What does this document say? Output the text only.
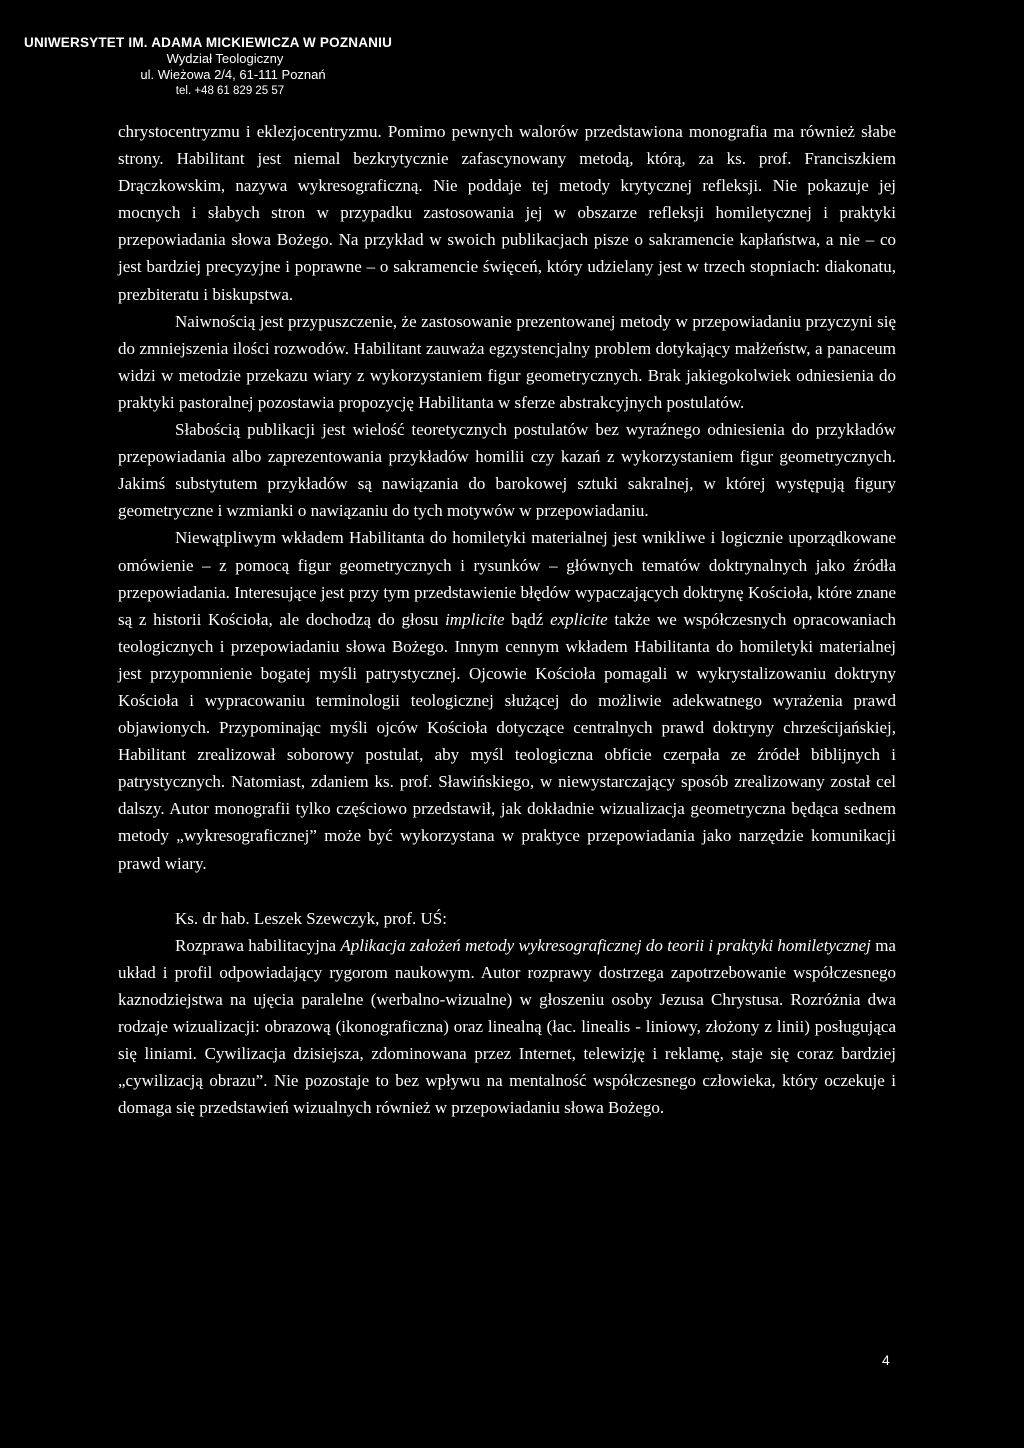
UNIWERSYTET IM. ADAMA MICKIEWICZA W POZNANIU
Wydział Teologiczny
ul. Wieżowa 2/4, 61-111 Poznań
tel. +48 61 829 25 57

chrystocentryzmu i eklezjocentryzmu. Pomimo pewnych walorów przedstawiona monografia ma również słabe strony. Habilitant jest niemal bezkrytycznie zafascynowany metodą, którą, za ks. prof. Franciszkiem Drączkowskim, nazywa wykresograficzną. Nie poddaje tej metody krytycznej refleksji. Nie pokazuje jej mocnych i słabych stron w przypadku zastosowania jej w obszarze refleksji homiletycznej i praktyki przepowiadania słowa Bożego. Na przykład w swoich publikacjach pisze o sakramencie kapłaństwa, a nie – co jest bardziej precyzyjne i poprawne – o sakramencie święceń, który udzielany jest w trzech stopniach: diakonatu, prezbiteratu i biskupstwa.

Naiwnością jest przypuszczenie, że zastosowanie prezentowanej metody w przepowiadaniu przyczyni się do zmniejszenia ilości rozwodów. Habilitant zauważa egzystencjalny problem dotykający małżeństw, a panaceum widzi w metodzie przekazu wiary z wykorzystaniem figur geometrycznych. Brak jakiegokolwiek odniesienia do praktyki pastoralnej pozostawia propozycję Habilitanta w sferze abstrakcyjnych postulatów.

Słabością publikacji jest wielość teoretycznych postulatów bez wyraźnego odniesienia do przykładów przepowiadania albo zaprezentowania przykładów homilii czy kazań z wykorzystaniem figur geometrycznych. Jakimś substytutem przykładów są nawiązania do barokowej sztuki sakralnej, w której występują figury geometryczne i wzmianki o nawiązaniu do tych motywów w przepowiadaniu.

Niewątpliwym wkładem Habilitanta do homiletyki materialnej jest wnikliwe i logicznie uporządkowane omówienie – z pomocą figur geometrycznych i rysunków – głównych tematów doktrynalnych jako źródła przepowiadania. Interesujące jest przy tym przedstawienie błędów wypaczających doktrynę Kościoła, które znane są z historii Kościoła, ale dochodzą do głosu implicite bądź explicite także we współczesnych opracowaniach teologicznych i przepowiadaniu słowa Bożego. Innym cennym wkładem Habilitanta do homiletyki materialnej jest przypomnienie bogatej myśli patrystycznej. Ojcowie Kościoła pomagali w wykrystalizowaniu doktryny Kościoła i wypracowaniu terminologii teologicznej służącej do możliwie adekwatnego wyrażenia prawd objawionych. Przypominając myśli ojców Kościoła dotyczące centralnych prawd doktryny chrześcijańskiej, Habilitant zrealizował soborowy postulat, aby myśl teologiczna obficie czerpała ze źródeł biblijnych i patrystycznych. Natomiast, zdaniem ks. prof. Sławińskiego, w niewystarczający sposób zrealizowany został cel dalszy. Autor monografii tylko częściowo przedstawił, jak dokładnie wizualizacja geometryczna będąca sednem metody „wykresograficznej” może być wykorzystana w praktyce przepowiadania jako narzędzie komunikacji prawd wiary.

Ks. dr hab. Leszek Szewczyk, prof. UŚ:

Rozprawa habilitacyjna Aplikacja założeń metody wykresograficznej do teorii i praktyki homiletycznej ma układ i profil odpowiadający rygorom naukowym. Autor rozprawy dostrzega zapotrzebowanie współczesnego kaznodziejstwa na ujęcia paralelne (werbalno-wizualne) w głoszeniu osoby Jezusa Chrystusa. Rozróżnia dwa rodzaje wizualizacji: obrazową (ikonograficzna) oraz linealną (łac. linealis - liniowy, złożony z linii) posługująca się liniami. Cywilizacja dzisiejsza, zdominowana przez Internet, telewizję i reklamę, staje się coraz bardziej „cywilizacją obrazu”. Nie pozostaje to bez wpływu na mentalność współczesnego człowieka, który oczekuje i domaga się przedstawień wizualnych również w przepowiadaniu słowa Bożego.

4
